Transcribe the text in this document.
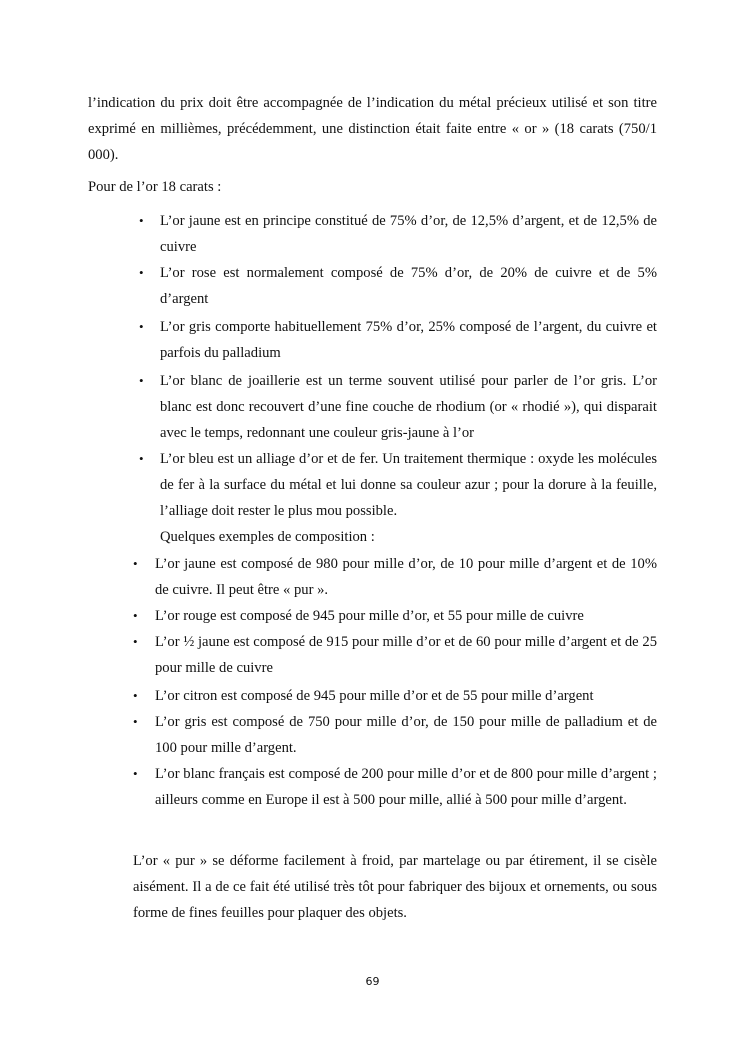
l’indication du prix doit être accompagnée de l’indication du métal précieux utilisé et son titre exprimé en millièmes, précédemment, une distinction était faite entre « or » (18 carats (750/1 000).

Pour de l’or 18 carats :

• L’or jaune est en principe constitué de 75% d’or, de 12,5% d’argent, et de 12,5% de cuivre

• L’or rose est normalement composé de 75% d’or, de 20% de cuivre et de 5% d’argent

• L’or gris comporte habituellement 75% d’or, 25% composé de l’argent, du cuivre et parfois du palladium

• L’or blanc de joaillerie est un terme souvent utilisé pour parler de l’or gris. L’or blanc est donc recouvert d’une fine couche de rhodium (or « rhodié »), qui disparait avec le temps, redonnant une couleur gris-jaune à l’or

• L’or bleu est un alliage d’or et de fer. Un traitement thermique : oxyde les molécules de fer à la surface du métal et lui donne sa couleur azur ; pour la dorure à la feuille, l’alliage doit rester le plus mou possible.

Quelques exemples de composition :

• L’or jaune est composé de 980 pour mille d’or, de 10 pour mille d’argent et de 10% de cuivre. Il peut être « pur ».

• L’or rouge est composé de 945 pour mille d’or, et 55 pour mille de cuivre

• L’or ½ jaune est composé de 915 pour mille d’or et de 60 pour mille d’argent et de 25 pour mille de cuivre

• L’or citron est composé de 945 pour mille d’or et de 55 pour mille d’argent

• L’or gris est composé de 750 pour mille d’or, de 150 pour mille de palladium et de 100 pour mille d’argent.

• L’or blanc français est composé de 200 pour mille d’or et de 800 pour mille d’argent ; ailleurs comme en Europe il est à 500 pour mille, allié à 500 pour mille d’argent.

L’or « pur » se déforme facilement à froid, par martelage ou par étirement, il se cisèle aisément. Il a de ce fait été utilisé très tôt pour fabriquer des bijoux et ornements, ou sous forme de fines feuilles pour plaquer des objets.

69
